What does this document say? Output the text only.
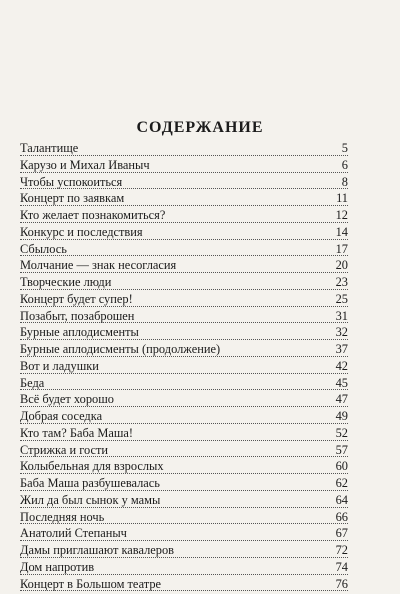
СОДЕРЖАНИЕ
Талантище	5
Карузо и Михал Иваныч	6
Чтобы успокоиться	8
Концерт по заявкам	11
Кто желает познакомиться?	12
Конкурс и последствия	14
Сбылось	17
Молчание — знак несогласия	20
Творческие люди	23
Концерт будет супер!	25
Позабыт, позаброшен	31
Бурные аплодисменты	32
Бурные аплодисменты (продолжение)	37
Вот и ладушки	42
Беда	45
Всё будет хорошо	47
Добрая соседка	49
Кто там? Баба Маша!	52
Стрижка и гости	57
Колыбельная для взрослых	60
Баба Маша разбушевалась	62
Жил да был сынок у мамы	64
Последняя ночь	66
Анатолий Степаныч	67
Дамы приглашают кавалеров	72
Дом напротив	74
Концерт в Большом театре	76
